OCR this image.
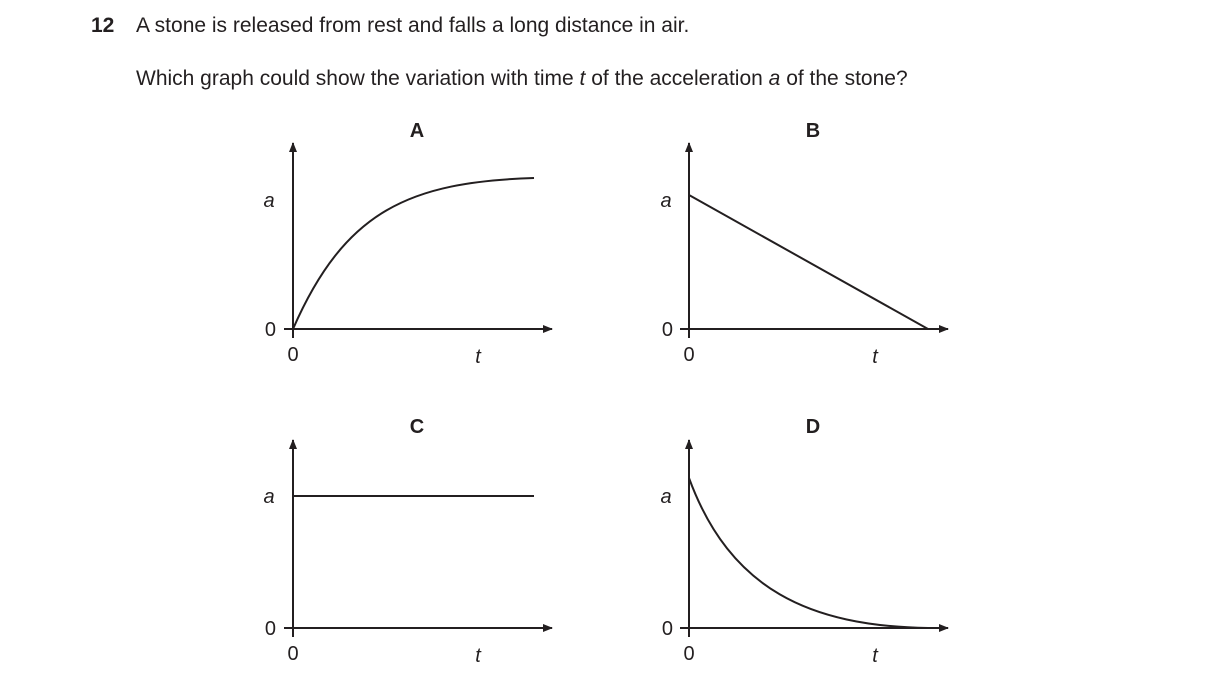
12 A stone is released from rest and falls a long distance in air.
Which graph could show the variation with time t of the acceleration a of the stone?
A
a
0
0	t
B
a
0
0	t
C
a
0
0	t
D
a
0
0	t
